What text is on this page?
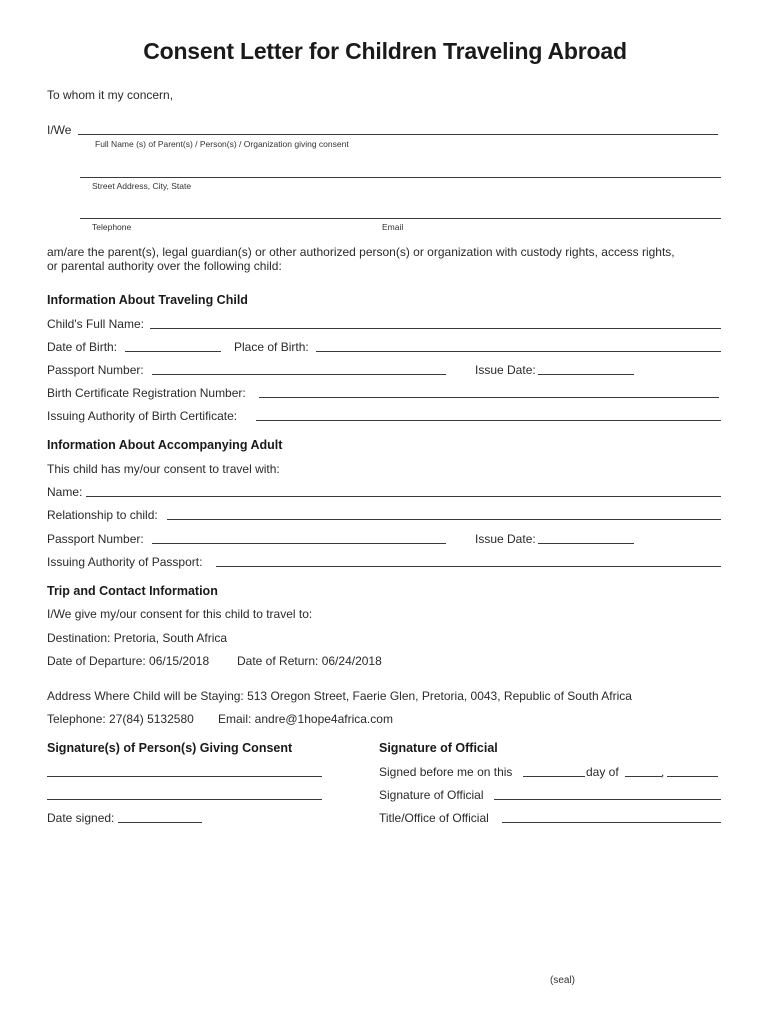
Consent Letter for Children Traveling Abroad
To whom it my concern,
I/We
Full Name (s) of Parent(s) / Person(s) / Organization giving consent
Street Address, City, State
Telephone	Email
am/are the parent(s), legal guardian(s) or other authorized person(s) or organization with custody rights, access rights,
or parental authority over the following child:
Information About Traveling Child
Child's Full Name:
Date of Birth:	Place of Birth:
Passport Number:	Issue Date:
Birth Certificate Registration Number:
Issuing Authority of Birth Certificate:
Information About Accompanying Adult
This child has my/our consent to travel with:
Name:
Relationship to child:
Passport Number:	Issue Date:
Issuing Authority of Passport:
Trip and Contact Information
I/We give my/our consent for this child to travel to:
Destination: Pretoria, South Africa
Date of Departure: 06/15/2018 Date of Return: 06/24/2018
Address Where Child will be Staying: 513 Oregon Street, Faerie Glen, Pretoria, 0043, Republic of South Africa
Telephone: 27(84) 5132580 Email: andre@1hope4africa.com
Signature(s) of Person(s) Giving Consent
Date signed:
Signature of Official
Signed before me on this	day of	,
Signature of Official
Title/Office of Official
(seal)
